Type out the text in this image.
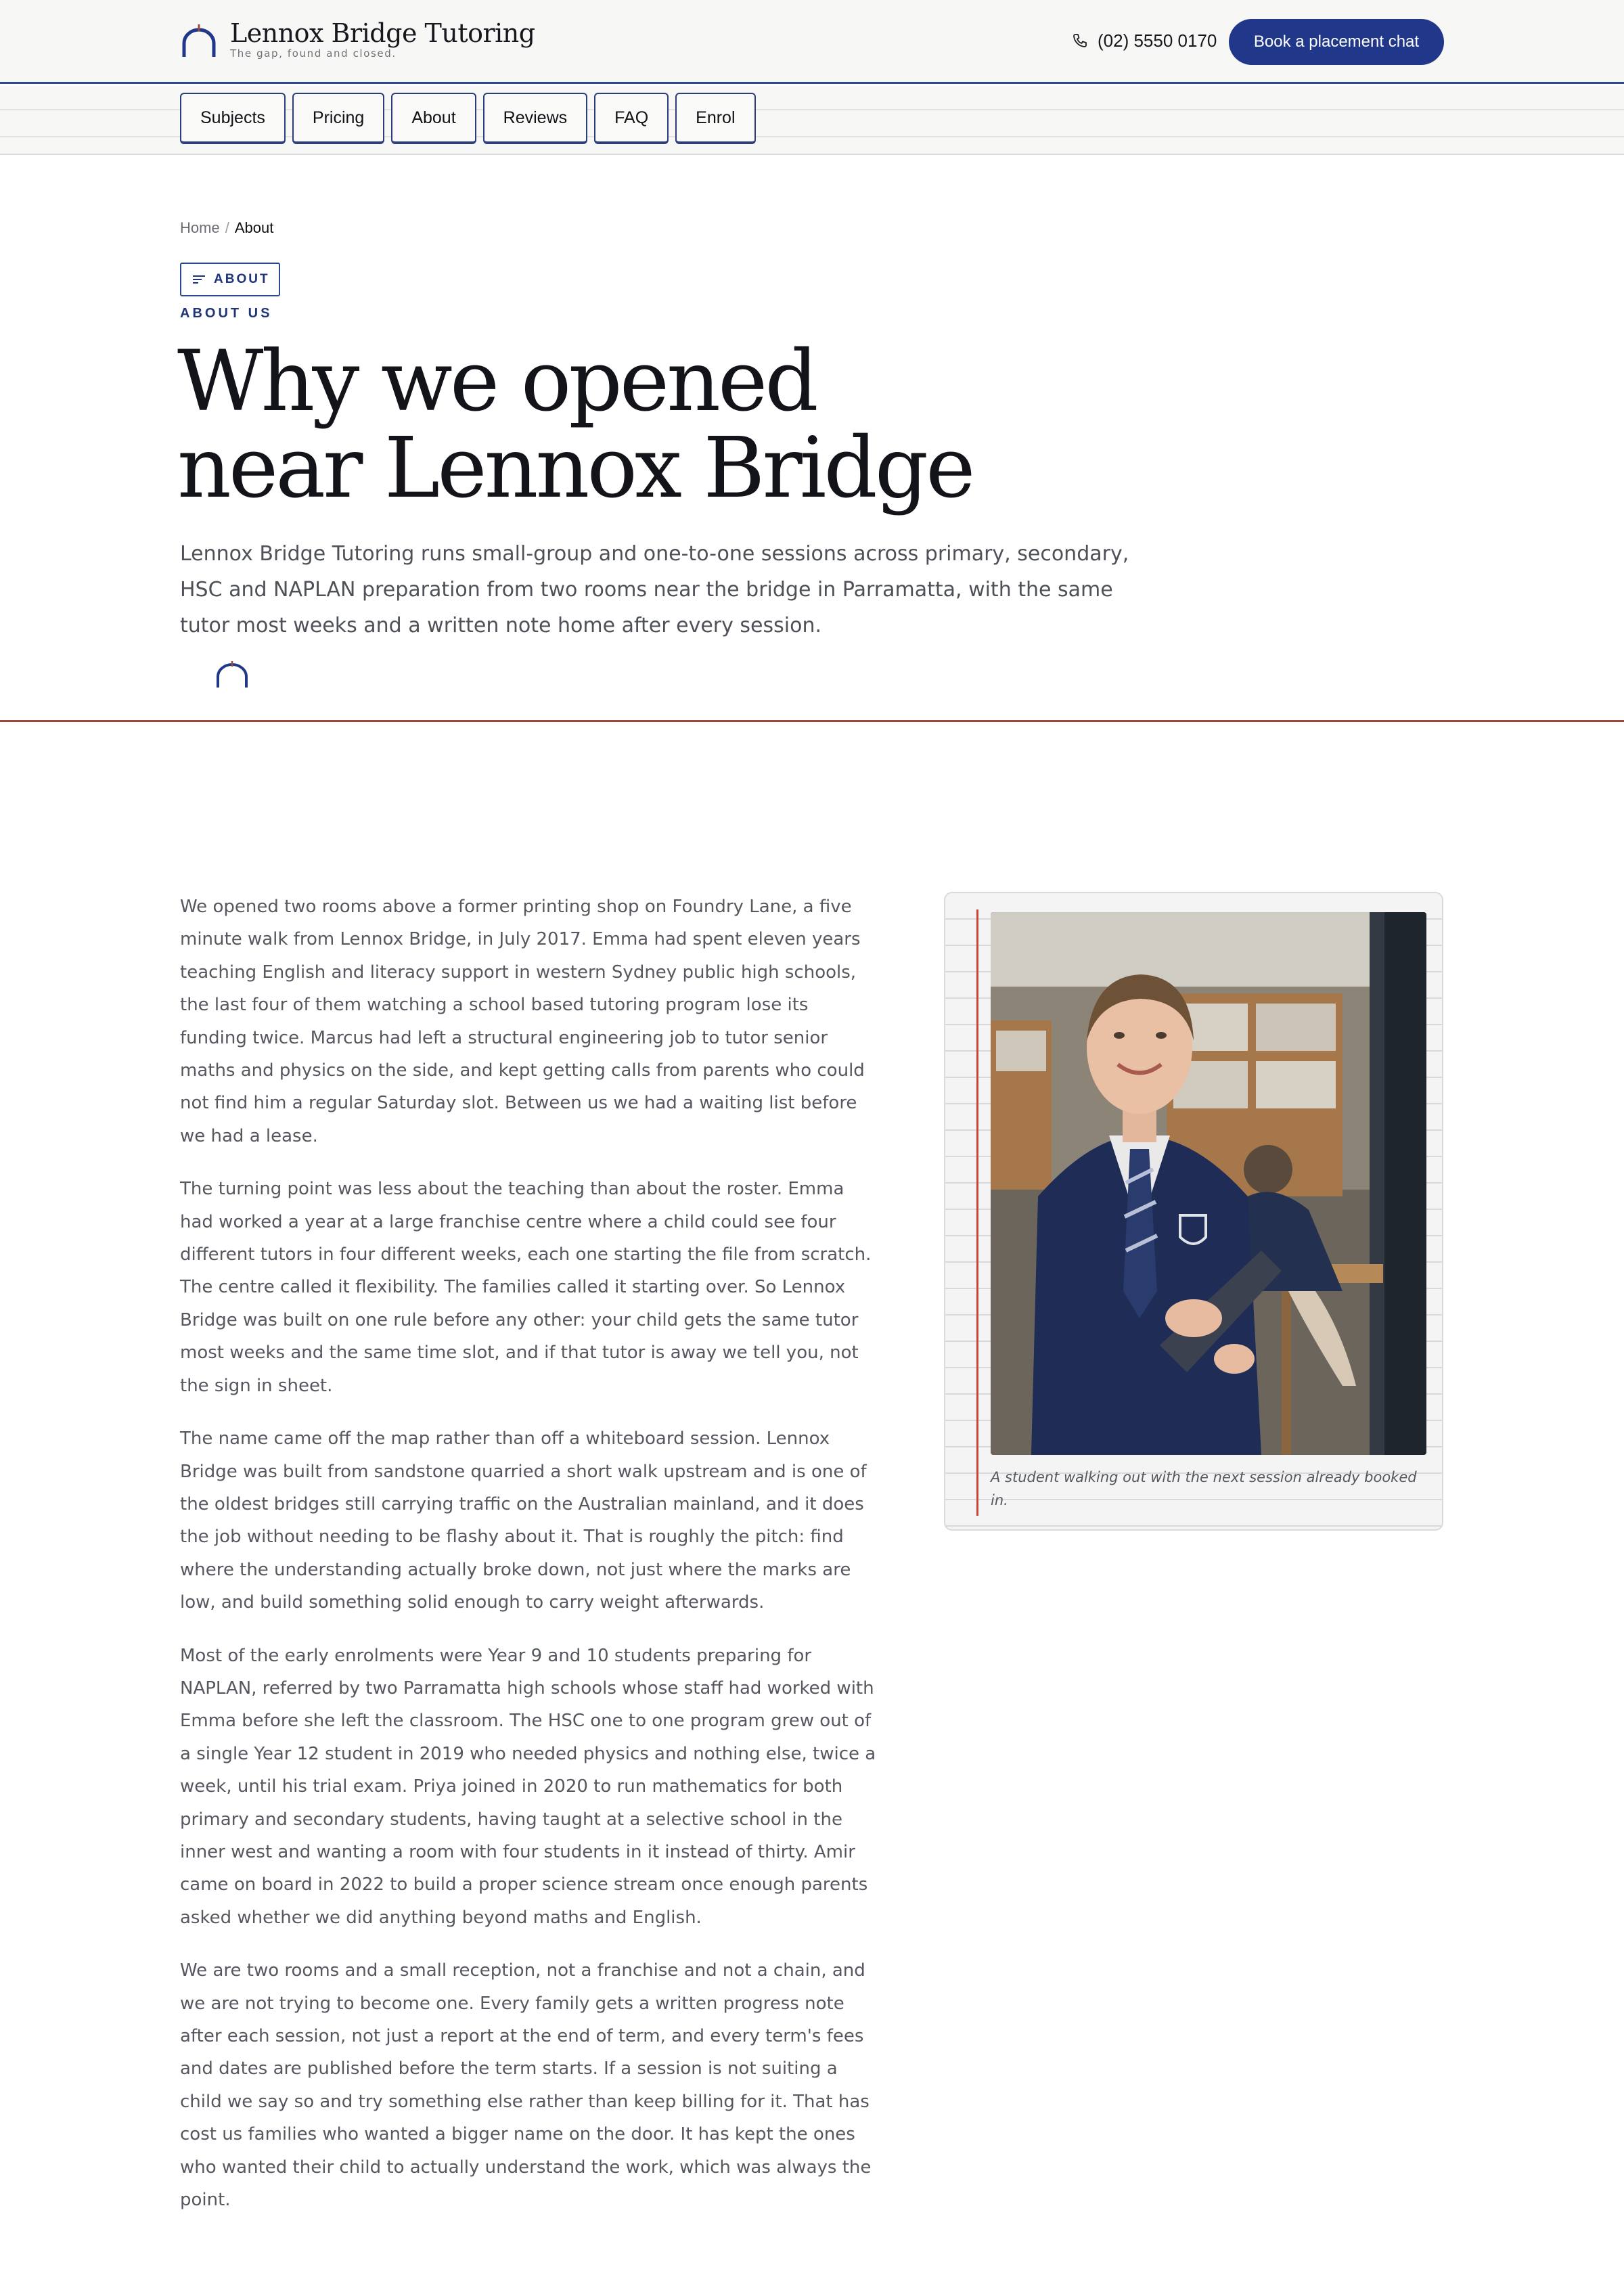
Lennox Bridge Tutoring
The gap, found and closed.
(02) 5550 0170	Book a placement chat
Subjects	Pricing	About	Reviews	FAQ	Enrol
Home / About
ABOUT
ABOUT US
Why we opened
near Lennox Bridge

Lennox Bridge Tutoring runs small-group and one-to-one sessions across primary, secondary, HSC and NAPLAN preparation from two rooms near the bridge in Parramatta, with the same tutor most weeks and a written note home after every session.

We opened two rooms above a former printing shop on Foundry Lane, a five minute walk from Lennox Bridge, in July 2017. Emma had spent eleven years teaching English and literacy support in western Sydney public high schools, the last four of them watching a school based tutoring program lose its funding twice. Marcus had left a structural engineering job to tutor senior maths and physics on the side, and kept getting calls from parents who could not find him a regular Saturday slot. Between us we had a waiting list before we had a lease.

The turning point was less about the teaching than about the roster. Emma had worked a year at a large franchise centre where a child could see four different tutors in four different weeks, each one starting the file from scratch. The centre called it flexibility. The families called it starting over. So Lennox Bridge was built on one rule before any other: your child gets the same tutor most weeks and the same time slot, and if that tutor is away we tell you, not the sign in sheet.

The name came off the map rather than off a whiteboard session. Lennox Bridge was built from sandstone quarried a short walk upstream and is one of the oldest bridges still carrying traffic on the Australian mainland, and it does the job without needing to be flashy about it. That is roughly the pitch: find where the understanding actually broke down, not just where the marks are low, and build something solid enough to carry weight afterwards.

Most of the early enrolments were Year 9 and 10 students preparing for NAPLAN, referred by two Parramatta high schools whose staff had worked with Emma before she left the classroom. The HSC one to one program grew out of a single Year 12 student in 2019 who needed physics and nothing else, twice a week, until his trial exam. Priya joined in 2020 to run mathematics for both primary and secondary students, having taught at a selective school in the inner west and wanting a room with four students in it instead of thirty. Amir came on board in 2022 to build a proper science stream once enough parents asked whether we did anything beyond maths and English.

We are two rooms and a small reception, not a franchise and not a chain, and we are not trying to become one. Every family gets a written progress note after each session, not just a report at the end of term, and every term's fees and dates are published before the term starts. If a session is not suiting a child we say so and try something else rather than keep billing for it. That has cost us families who wanted a bigger name on the door. It has kept the ones who wanted their child to actually understand the work, which was always the point.

A student walking out with the next session already booked in.
